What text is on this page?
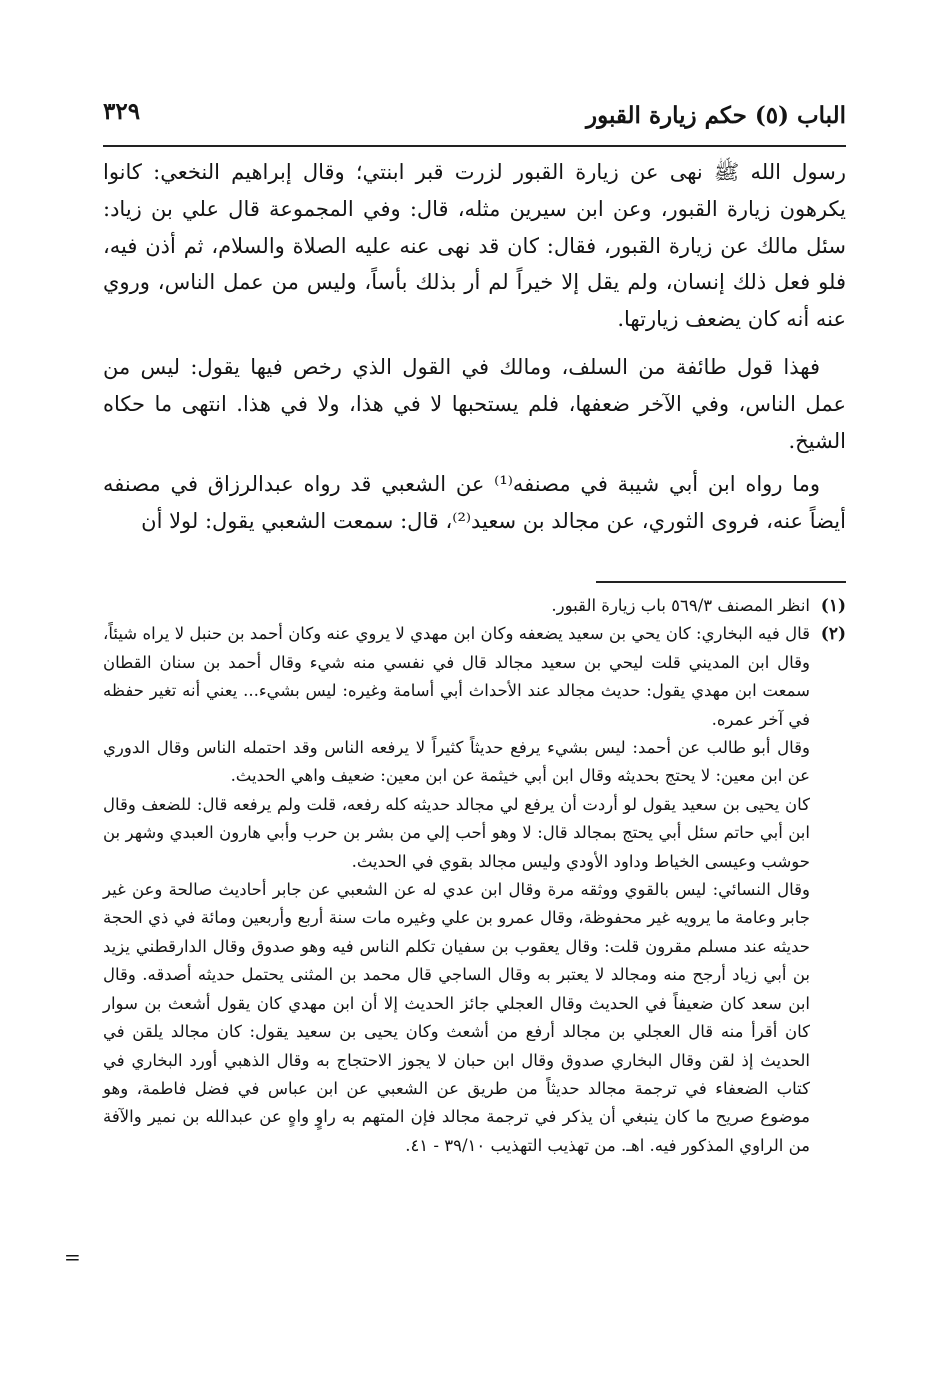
الباب (٥) حكم زيارة القبور
٣٢٩

رسول الله ﷺ نهى عن زيارة القبور لزرت قبر ابنتي؛ وقال إبراهيم النخعي: كانوا يكرهون زيارة القبور، وعن ابن سيرين مثله، قال: وفي المجموعة قال علي بن زياد: سئل مالك عن زيارة القبور، فقال: كان قد نهى عنه عليه الصلاة والسلام، ثم أذن فيه، فلو فعل ذلك إنسان، ولم يقل إلا خيراً لم أر بذلك بأساً، وليس من عمل الناس، وروي عنه أنه كان يضعف زيارتها.

فهذا قول طائفة من السلف، ومالك في القول الذي رخص فيها يقول: ليس من عمل الناس، وفي الآخر ضعفها، فلم يستحبها لا في هذا، ولا في هذا. انتهى ما حكاه الشيخ.

وما رواه ابن أبي شيبة في مصنفه⁽¹⁾ عن الشعبي قد رواه عبدالرزاق في مصنفه أيضاً عنه، فروى الثوري، عن مجالد بن سعيد⁽²⁾، قال: سمعت الشعبي يقول: لولا أن

(١)

انظر المصنف ٥٦٩/٣ باب زيارة القبور.

(٢)

قال فيه البخاري: كان يحي بن سعيد يضعفه وكان ابن مهدي لا يروي عنه وكان أحمد بن حنبل لا يراه شيئاً، وقال ابن المديني قلت ليحي بن سعيد مجالد قال في نفسي منه شيء وقال أحمد بن سنان القطان سمعت ابن مهدي يقول: حديث مجالد عند الأحداث أبي أسامة وغيره: ليس بشيء... يعني أنه تغير حفظه في آخر عمره.

وقال أبو طالب عن أحمد: ليس بشيء يرفع حديثاً كثيراً لا يرفعه الناس وقد احتمله الناس وقال الدوري عن ابن معين: لا يحتج بحديثه وقال ابن أبي خيثمة عن ابن معين: ضعيف واهي الحديث.

كان يحيى بن سعيد يقول لو أردت أن يرفع لي مجالد حديثه كله رفعه، قلت ولم يرفعه قال: للضعف وقال ابن أبي حاتم سئل أبي يحتج بمجالد قال: لا وهو أحب إلي من بشر بن حرب وأبي هارون العبدي وشهر بن حوشب وعيسى الخياط وداود الأودي وليس مجالد بقوي في الحديث.

وقال النسائي: ليس بالقوي ووثقه مرة وقال ابن عدي له عن الشعبي عن جابر أحاديث صالحة وعن غير جابر وعامة ما يرويه غير محفوظة، وقال عمرو بن علي وغيره مات سنة أربع وأربعين ومائة في ذي الحجة حديثه عند مسلم مقرون قلت: وقال يعقوب بن سفيان تكلم الناس فيه وهو صدوق وقال الدارقطني يزيد بن أبي زياد أرجح منه ومجالد لا يعتبر به وقال الساجي قال محمد بن المثنى يحتمل حديثه أصدقه. وقال ابن سعد كان ضعيفاً في الحديث وقال العجلي جائز الحديث إلا أن ابن مهدي كان يقول أشعث بن سوار كان أقرأ منه قال العجلي بن مجالد أرفع من أشعث وكان يحيى بن سعيد يقول: كان مجالد يلقن في الحديث إذ لقن وقال البخاري صدوق وقال ابن حبان لا يجوز الاحتجاج به وقال الذهبي أورد البخاري في كتاب الضعفاء في ترجمة مجالد حديثاً من طريق عن الشعبي عن ابن عباس في فضل فاطمة، وهو موضوع صريح ما كان ينبغي أن يذكر في ترجمة مجالد فإن المتهم به راوٍ واهٍ عن عبدالله بن نمير والآفة من الراوي المذكور فيه. اهـ. من تهذيب التهذيب ٣٩/١٠ - ٤١.

=
